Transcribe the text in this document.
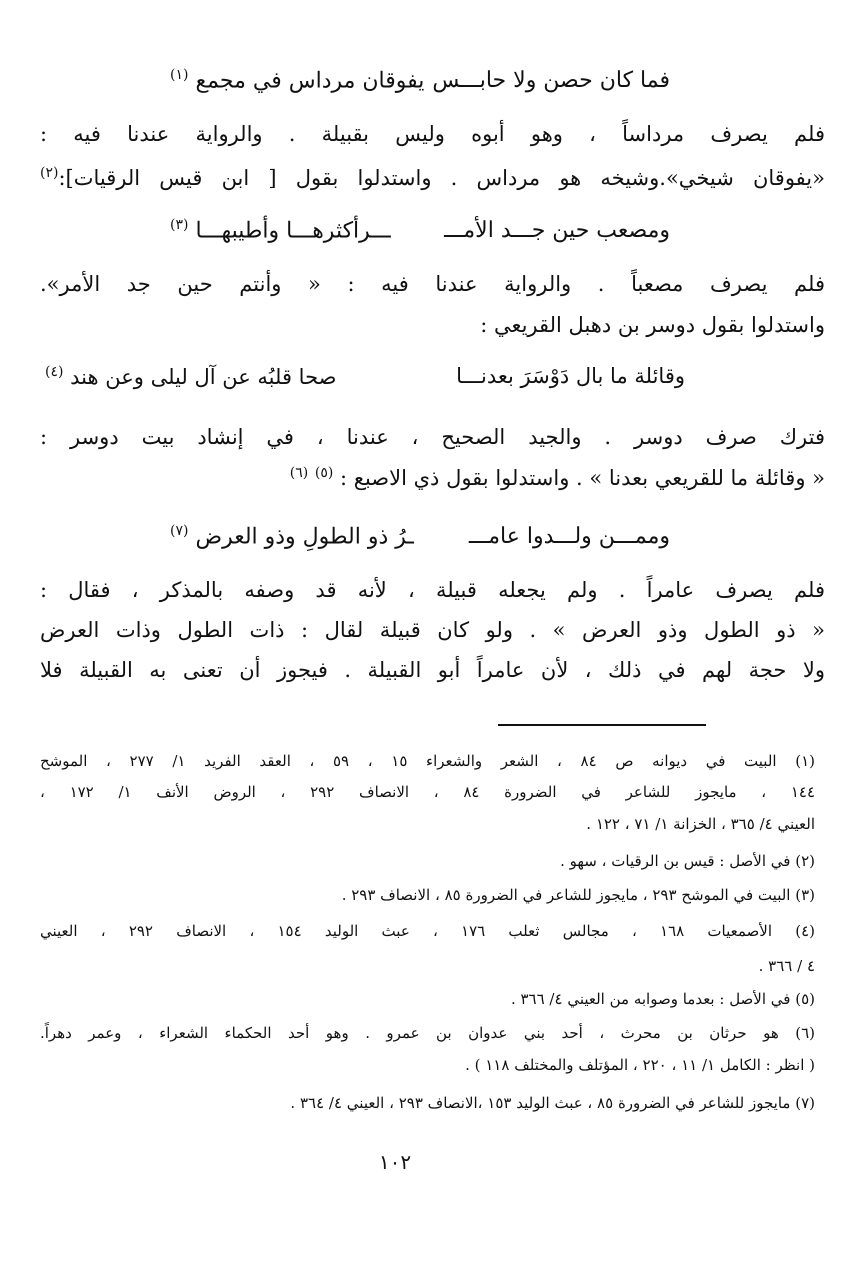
فما كان حصن ولا حابـــس
يفوقان مرداس في مجمع $^{(١)}$
فلم يصرف مرداساً ، وهو أبوه وليس بقبيلة . والرواية عندنا فيه :
«يفوقان شيخي».وشيخه هو مرداس . واستدلوا بقول [ ابن قيس الرقيات]:$^{(٢)}$
ومصعب حين جـــد الأمـــ
ـــرأكثرهـــا وأطيبهـــا $^{(٣)}$
فلم يصرف مصعباً . والرواية عندنا فيه : « وأنتم حين جد الأمر».
واستدلوا بقول دوسر بن دهبل القريعي :
وقائلة ما بال دَوْسَرَ بعدنـــا
صحا قلبُه عن آل ليلى وعن هند $^{(٤)}$
فترك صرف دوسر . والجيد الصحيح ، عندنا ، في إنشاد بيت دوسر :
« وقائلة ما للقريعي بعدنا » . واستدلوا بقول ذي الاصبع : $^{(٥)}$ $^{(٦)}$
وممـــن ولـــدوا عامـــ
ـرُ ذو الطولِ وذو العرض $^{(٧)}$
فلم يصرف عامراً . ولم يجعله قبيلة ، لأنه قد وصفه بالمذكر ، فقال :
« ذو الطول وذو العرض » . ولو كان قبيلة لقال : ذات الطول وذات العرض
ولا حجة لهم في ذلك ، لأن عامراً أبو القبيلة . فيجوز أن تعنى به القبيلة فلا
(١) البيت في ديوانه ص ٨٤ ، الشعر والشعراء ١٥ ، ٥٩ ، العقد الفريد ١/ ٢٧٧ ، الموشح
١٤٤ ، مايجوز للشاعر في الضرورة ٨٤ ، الانصاف ٢٩٢ ، الروض الأنف ١/ ١٧٢ ،
العيني ٤/ ٣٦٥ ، الخزانة ١/ ٧١ ، ١٢٢ .
(٢) في الأصل : قيس بن الرقيات ، سهو .
(٣) البيت في الموشح ٢٩٣ ، مايجوز للشاعر في الضرورة ٨٥ ، الانصاف ٢٩٣ .
(٤) الأصمعيات ١٦٨ ، مجالس ثعلب ١٧٦ ، عبث الوليد ١٥٤ ، الانصاف ٢٩٢ ، العيني
٤ / ٣٦٦ .
(٥) في الأصل : بعدما وصوابه من العيني ٤/ ٣٦٦ .
(٦) هو حرثان بن محرث ، أحد بني عدوان بن عمرو . وهو أحد الحكماء الشعراء ، وعمر دهراً.
( انظر : الكامل ١/ ١١ ، ٢٢٠ ، المؤتلف والمختلف ١١٨ ) .
(٧) مايجوز للشاعر في الضرورة ٨٥ ، عبث الوليد ١٥٣ ،الانصاف ٢٩٣ ، العيني ٤/ ٣٦٤ .
١٠٢
